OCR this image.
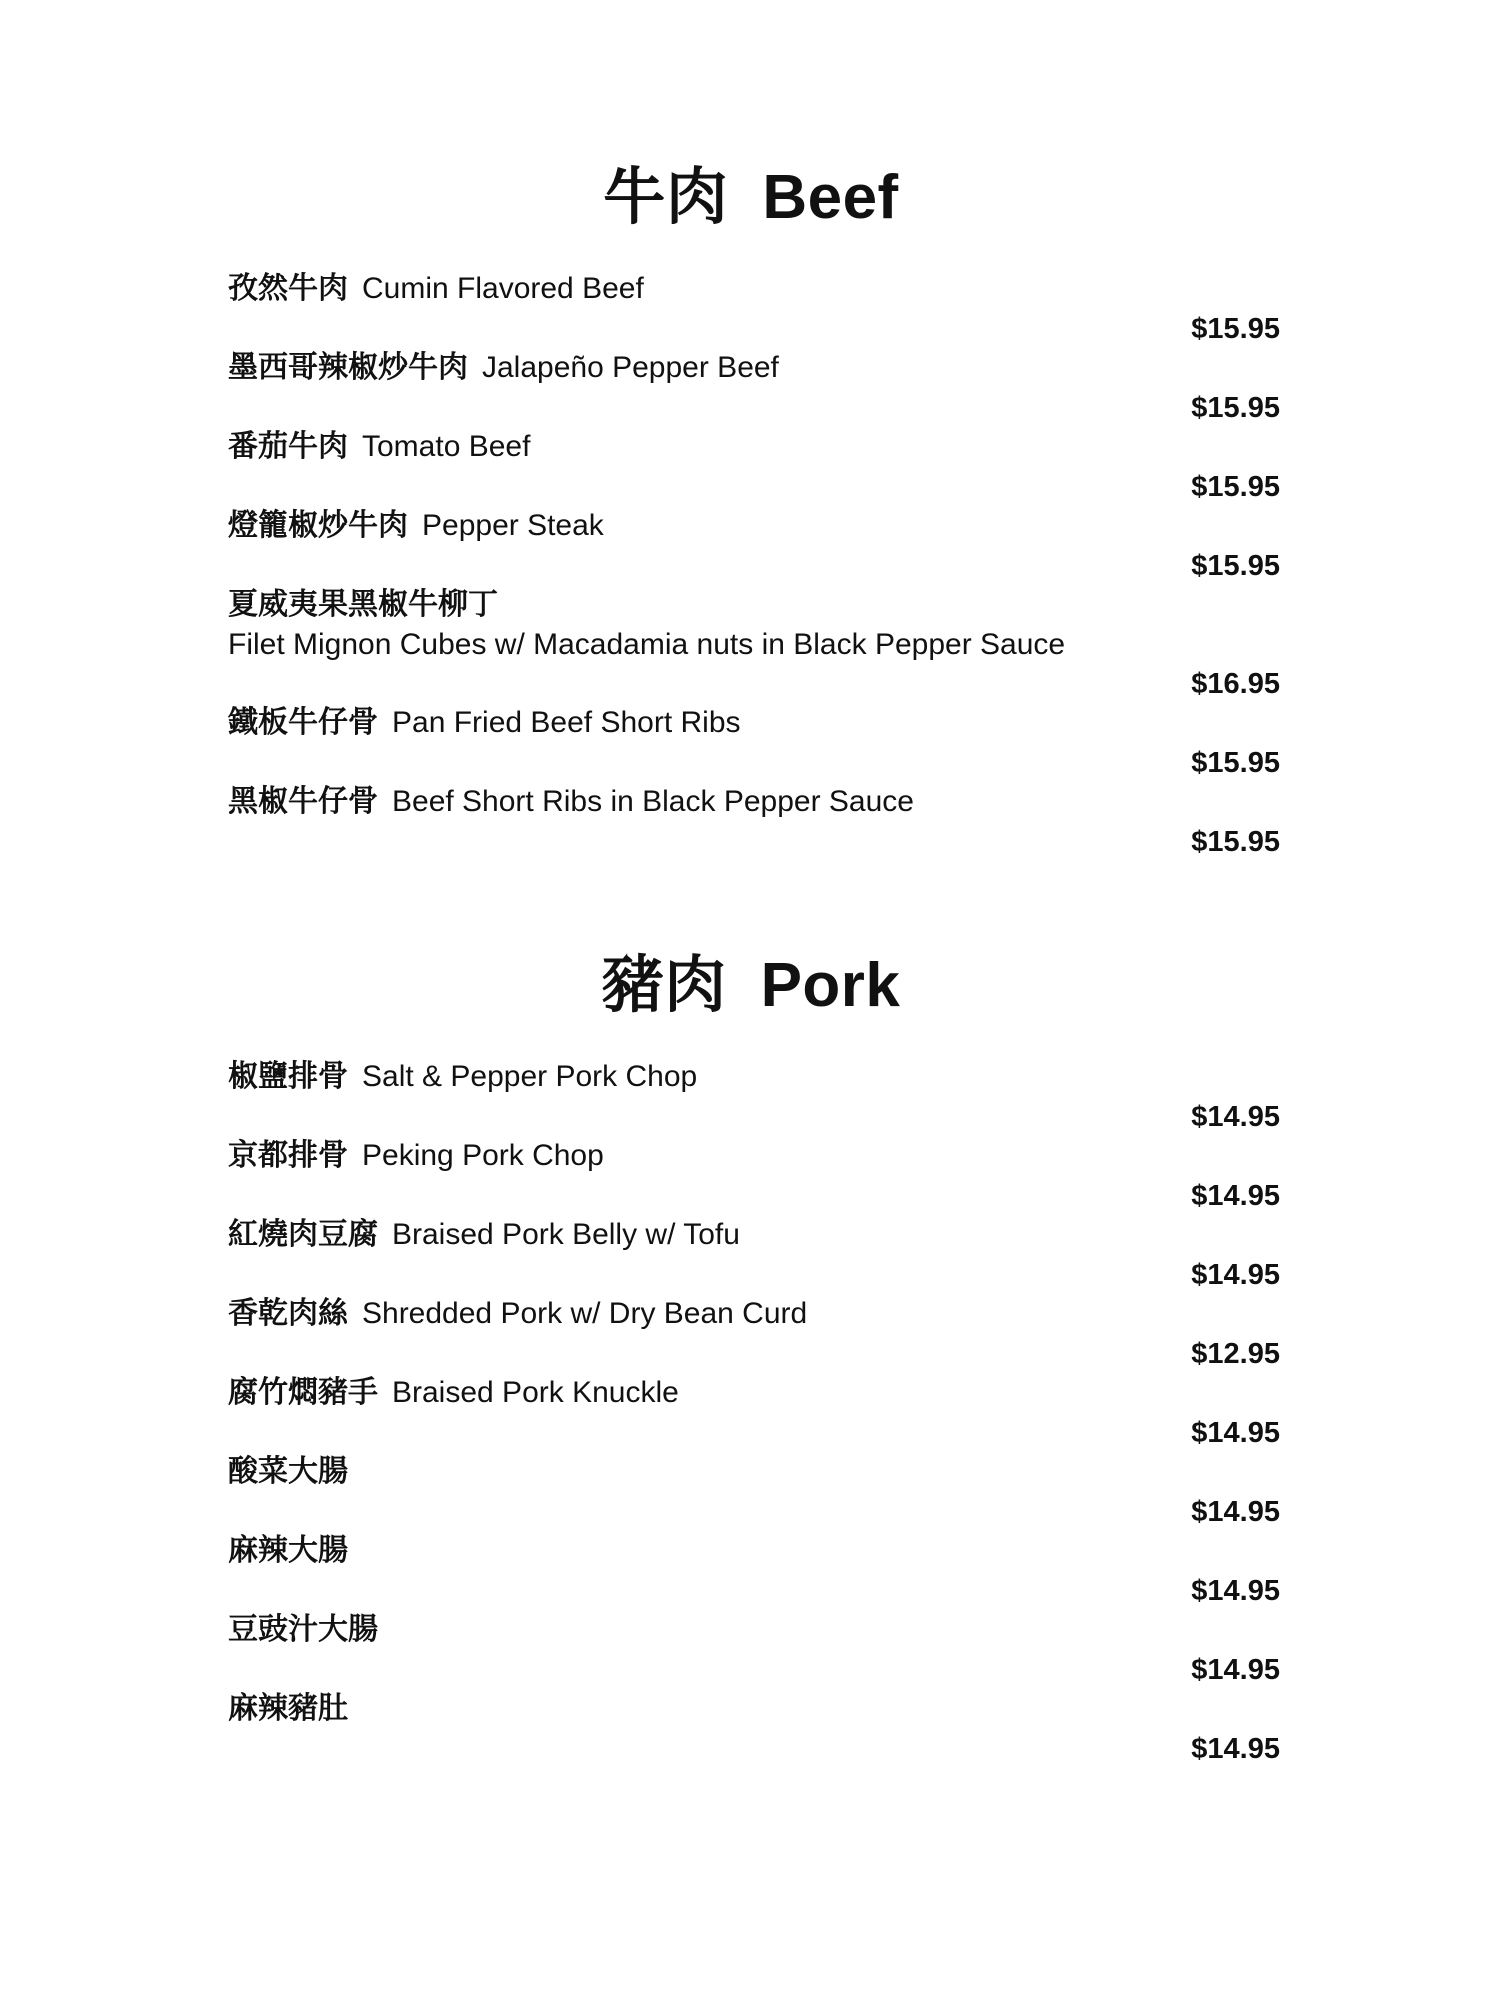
牛肉 Beef
孜然牛肉 Cumin Flavored Beef
$15.95
墨西哥辣椒炒牛肉 Jalapeño Pepper Beef
$15.95
番茄牛肉 Tomato Beef
$15.95
燈籠椒炒牛肉 Pepper Steak
$15.95
夏威夷果黑椒牛柳丁
Filet Mignon Cubes w/ Macadamia nuts in Black Pepper Sauce
$16.95
鐵板牛仔骨 Pan Fried Beef Short Ribs
$15.95
黑椒牛仔骨 Beef Short Ribs in Black Pepper Sauce
$15.95
豬肉 Pork
椒鹽排骨 Salt & Pepper Pork Chop
$14.95
京都排骨 Peking Pork Chop
$14.95
紅燒肉豆腐 Braised Pork Belly w/ Tofu
$14.95
香乾肉絲 Shredded Pork w/ Dry Bean Curd
$12.95
腐竹燜豬手 Braised Pork Knuckle
$14.95
酸菜大腸
$14.95
麻辣大腸
$14.95
豆豉汁大腸
$14.95
麻辣豬肚
$14.95
